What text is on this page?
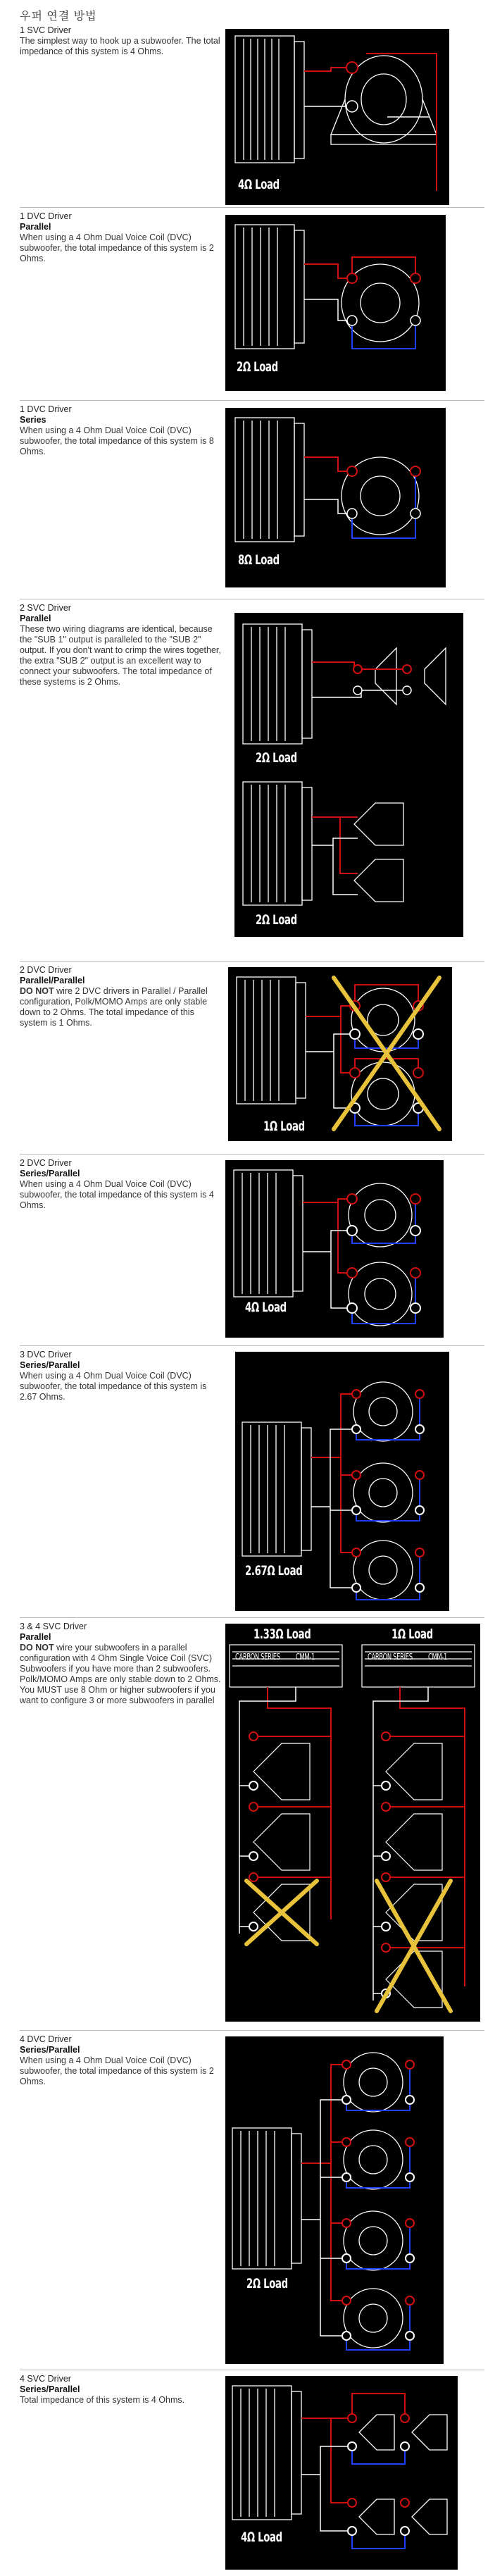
우퍼 연결 방법
1 SVC Driver
The simplest way to hook up a subwoofer. The total impedance of this system is 4 Ohms.
4Ω Load
1 DVC Driver
Parallel
When using a 4 Ohm Dual Voice Coil (DVC) subwoofer, the total impedance of this system is 2 Ohms.
2Ω Load
1 DVC Driver
Series
When using a 4 Ohm Dual Voice Coil (DVC) subwoofer, the total impedance of this system is 8 Ohms.
8Ω Load
2 SVC Driver
Parallel
These two wiring diagrams are identical, because the "SUB 1" output is paralleled to the "SUB 2" output. If you don't want to crimp the wires together, the extra "SUB 2" output is an excellent way to connect your subwoofers. The total impedance of these systems is 2 Ohms.
2Ω Load
2Ω Load
2 DVC Driver
Parallel/Parallel
DO NOT wire 2 DVC drivers in Parallel / Parallel configuration, Polk/MOMO Amps are only stable down to 2 Ohms. The total impedance of this system is 1 Ohms.
1Ω Load
2 DVC Driver
Series/Parallel
When using a 4 Ohm Dual Voice Coil (DVC) subwoofer, the total impedance of this system is 4 Ohms.
4Ω Load
3 DVC Driver
Series/Parallel
When using a 4 Ohm Dual Voice Coil (DVC) subwoofer, the total impedance of this system is 2.67 Ohms.
2.67Ω Load
3 & 4 SVC Driver
Parallel
DO NOT wire your subwoofers in a parallel configuration with 4 Ohm Single Voice Coil (SVC) Subwoofers if you have more than 2 subwoofers. Polk/MOMO Amps are only stable down to 2 Ohms. You MUST use 8 Ohm or higher subwoofers if you want to configure 3 or more subwoofers in parallel
1.33Ω Load	1Ω Load
CARBON SERIES CMM-1	CARBON SERIES CMM-1
4 DVC Driver
Series/Parallel
When using a 4 Ohm Dual Voice Coil (DVC) subwoofer, the total impedance of this system is 2 Ohms.
2Ω Load
4 SVC Driver
Series/Parallel
Total impedance of this system is 4 Ohms.
4Ω Load
